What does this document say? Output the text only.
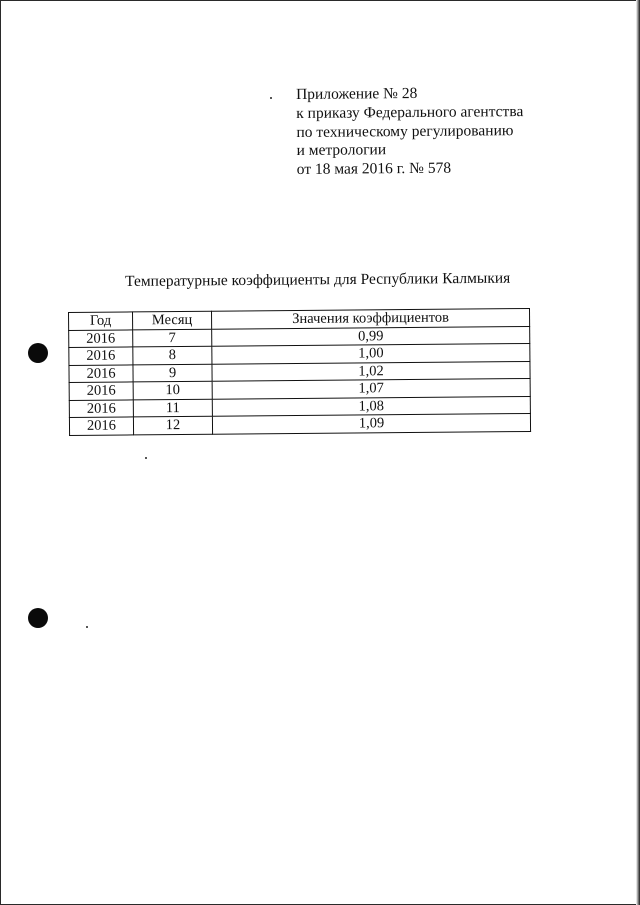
Приложение № 28
к приказу Федерального агентства
по техническому регулированию
и метрологии
от 18 мая 2016 г. № 578
Температурные коэффициенты для Республики Калмыкия
Год	Месяц	Значения коэффициентов
2016	7	0,99
2016	8	1,00
2016	9	1,02
2016	10	1,07
2016	11	1,08
2016	12	1,09
